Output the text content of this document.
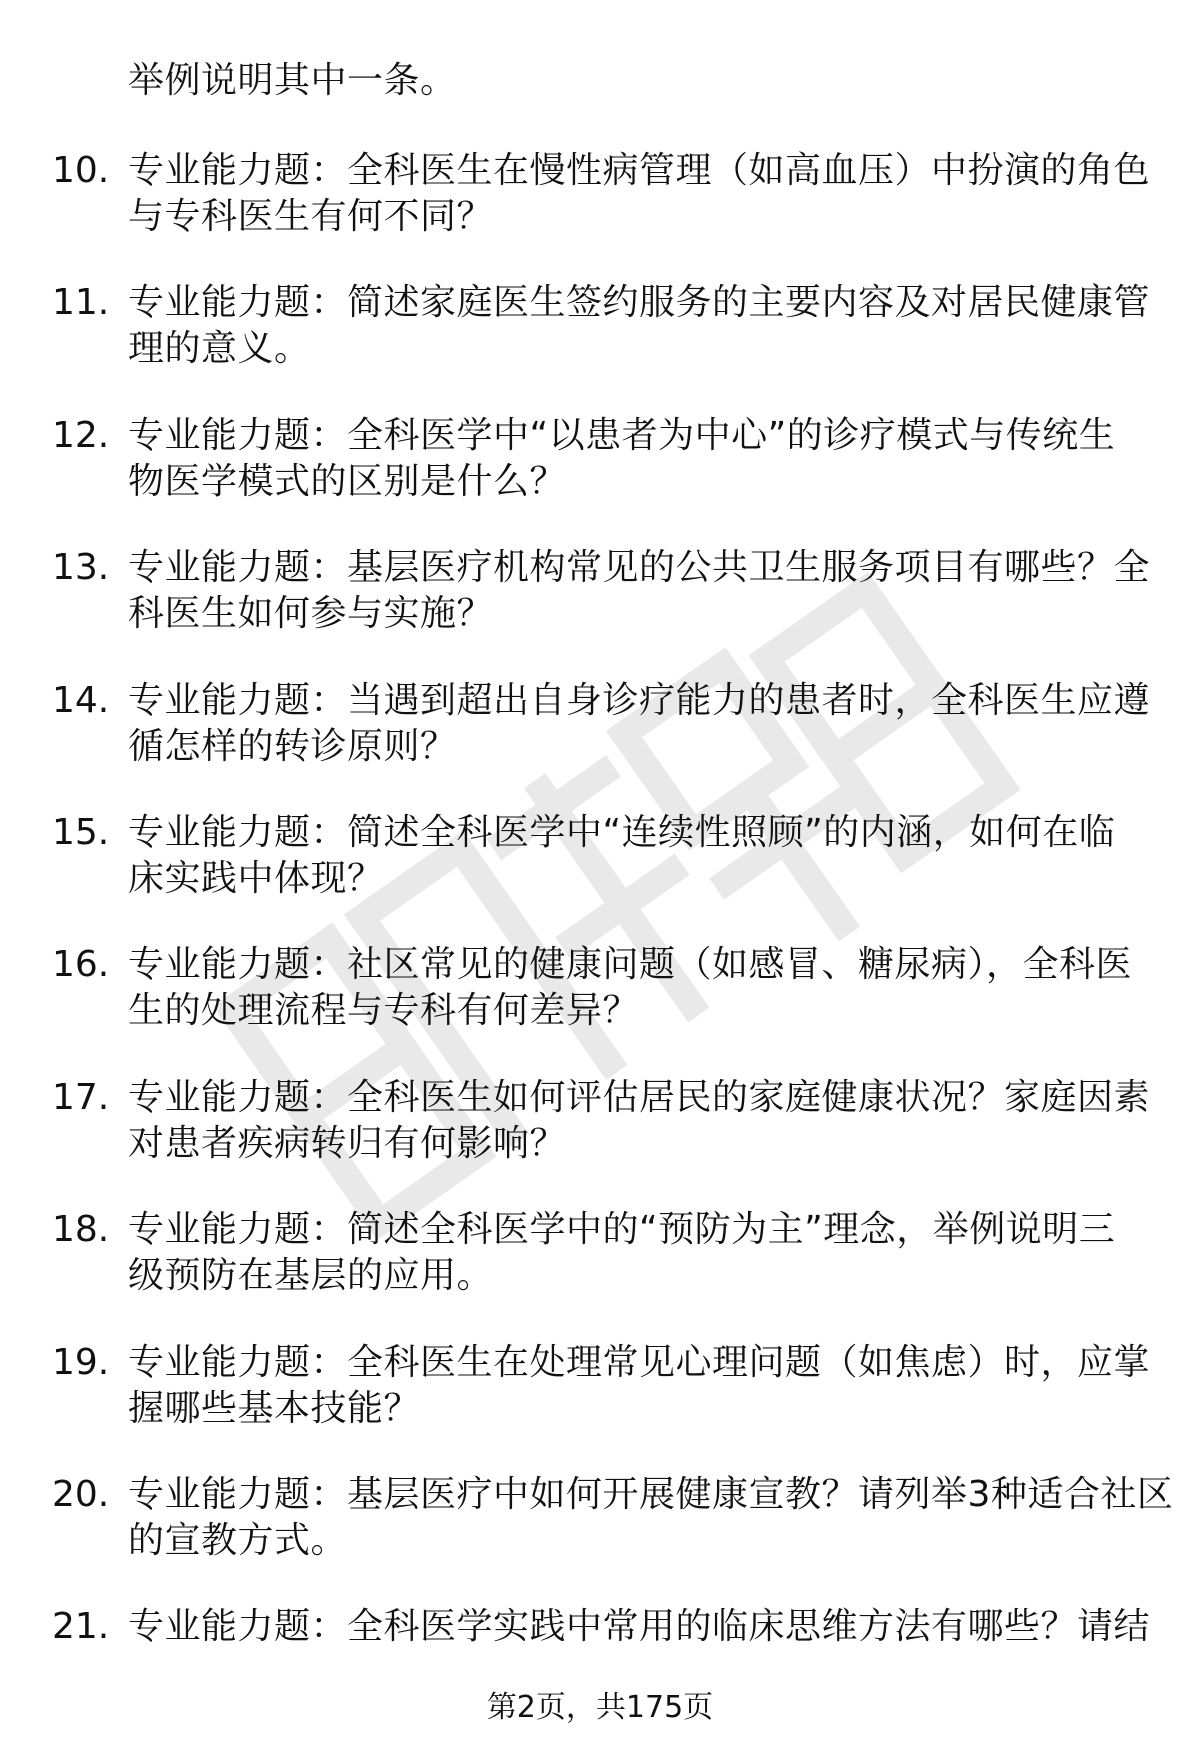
举例说明其中一条。
10. 专业能力题：全科医生在慢性病管理（如高血压）中扮演的角色
与专科医生有何不同？
11. 专业能力题：简述家庭医生签约服务的主要内容及对居民健康管
理的意义。
12. 专业能力题：全科医学中“以患者为中心”的诊疗模式与传统生
物医学模式的区别是什么？
13. 专业能力题：基层医疗机构常见的公共卫生服务项目有哪些？全
科医生如何参与实施？
14. 专业能力题：当遇到超出自身诊疗能力的患者时，全科医生应遵
循怎样的转诊原则？
15. 专业能力题：简述全科医学中“连续性照顾”的内涵，如何在临
床实践中体现？
16. 专业能力题：社区常见的健康问题（如感冒、糖尿病），全科医
生的处理流程与专科有何差异？
17. 专业能力题：全科医生如何评估居民的家庭健康状况？家庭因素
对患者疾病转归有何影响？
18. 专业能力题：简述全科医学中的“预防为主”理念，举例说明三
级预防在基层的应用。
19. 专业能力题：全科医生在处理常见心理问题（如焦虑）时，应掌
握哪些基本技能？
20. 专业能力题：基层医疗中如何开展健康宣教？请列举3种适合社区
的宣教方式。
21. 专业能力题：全科医学实践中常用的临床思维方法有哪些？请结
第2页，共175页
